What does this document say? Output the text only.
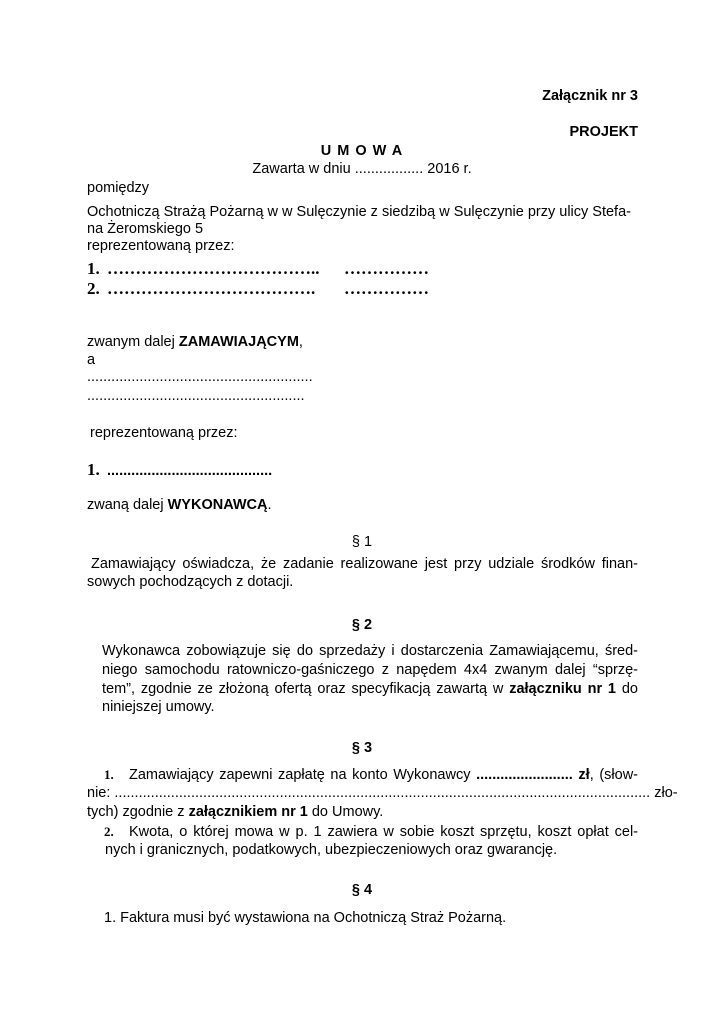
Załącznik nr 3
PROJEKT
U M O W A
Zawarta w dniu ................. 2016 r.
pomiędzy
Ochotniczą Strażą Pożarną w w Sulęczynie z siedzibą w Sulęczynie przy ulicy Stefa-
na Żeromskiego 5
reprezentowaną przez:
1. ……………………………….. ……………
2. ………………………………. ……………
zwanym dalej ZAMAWIAJĄCYM,
a
........................................................
......................................................
reprezentowaną przez:
1. .........................................
zwaną dalej WYKONAWCĄ.
§ 1
Zamawiający oświadcza, że zadanie realizowane jest przy udziale środków finan-
sowych pochodzących z dotacji.
§ 2
Wykonawca zobowiązuje się do sprzedaży i dostarczenia Zamawiającemu, śred-
niego samochodu ratowniczo-gaśniczego z napędem 4x4 zwanym dalej “sprzę-
tem”, zgodnie ze złożoną ofertą oraz specyfikacją zawartą w załączniku nr 1 do
niniejszej umowy.
§ 3
1. Zamawiający zapewni zapłatę na konto Wykonawcy ........................ zł, (słow-
nie: ..................................................................................................................................... zło-
tych) zgodnie z załącznikiem nr 1 do Umowy.
2. Kwota, o której mowa w p. 1 zawiera w sobie koszt sprzętu, koszt opłat cel-
nych i granicznych, podatkowych, ubezpieczeniowych oraz gwarancję.
§ 4
1. Faktura musi być wystawiona na Ochotniczą Straż Pożarną.
